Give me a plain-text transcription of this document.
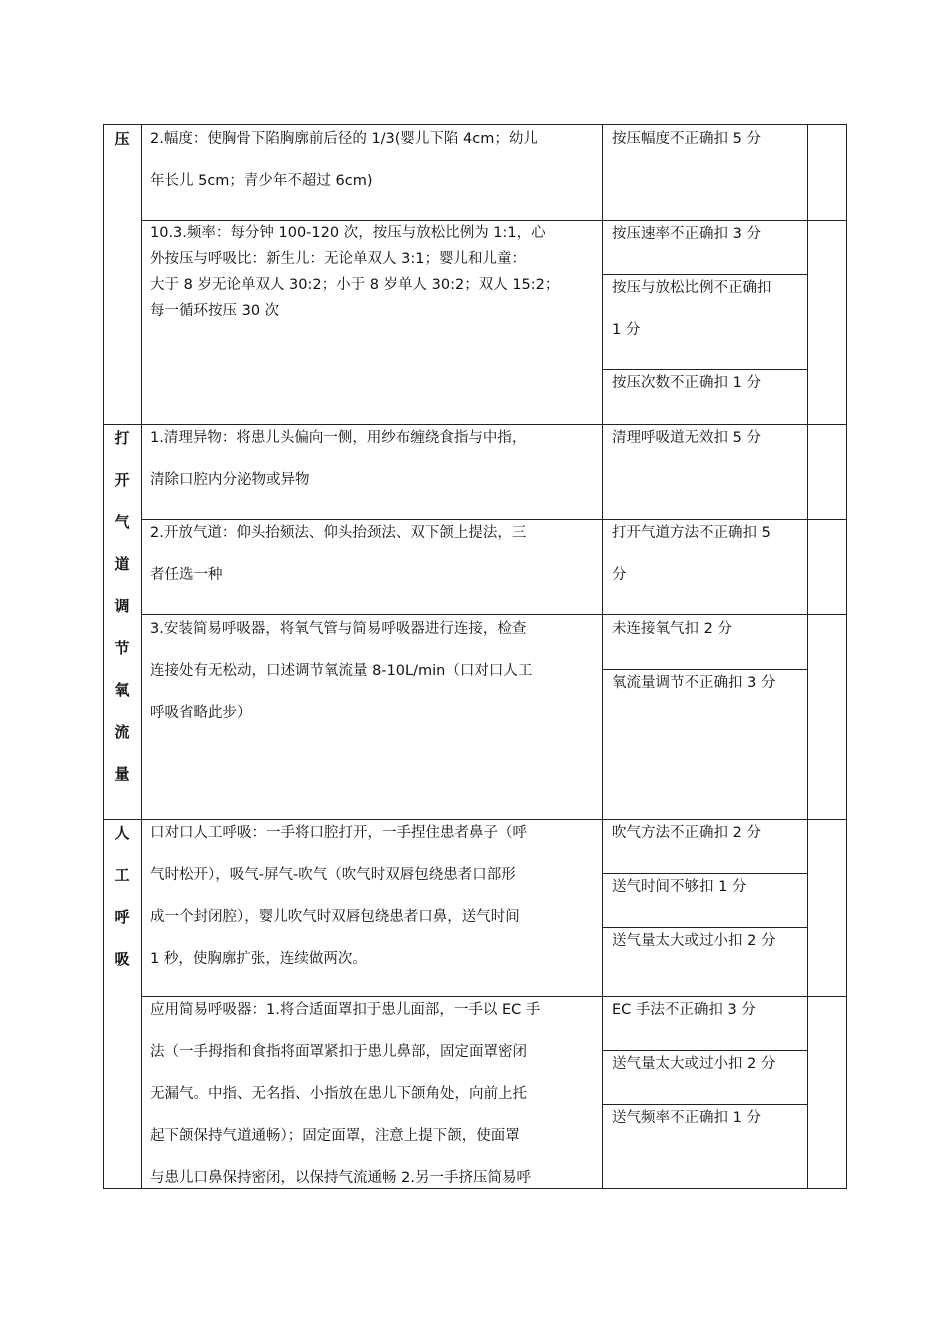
压
打
开
气
道
调
节
氧
流
量
人
工
呼
吸
2.幅度：使胸骨下陷胸廓前后径的 1/3(婴儿下陷 4cm；幼儿
年长儿 5cm；青少年不超过 6cm)
10.3.频率：每分钟 100-120 次，按压与放松比例为 1:1，心
外按压与呼吸比：新生儿：无论单双人 3:1；婴儿和儿童：
大于 8 岁无论单双人 30:2；小于 8 岁单人 30:2；双人 15:2；
每一循环按压 30 次
1.清理异物：将患儿头偏向一侧，用纱布缠绕食指与中指，
清除口腔内分泌物或异物
2.开放气道：仰头抬颏法、仰头抬颈法、双下颌上提法，三
者任选一种
3.安装简易呼吸器，将氧气管与简易呼吸器进行连接，检查
连接处有无松动，口述调节氧流量 8-10L/min（口对口人工
呼吸省略此步）
口对口人工呼吸：一手将口腔打开，一手捏住患者鼻子（呼
气时松开），吸气-屏气-吹气（吹气时双唇包绕患者口部形
成一个封闭腔），婴儿吹气时双唇包绕患者口鼻，送气时间
1 秒，使胸廓扩张，连续做两次。
应用简易呼吸器：1.将合适面罩扣于患儿面部，一手以 EC 手
法（一手拇指和食指将面罩紧扣于患儿鼻部，固定面罩密闭
无漏气。中指、无名指、小指放在患儿下颌角处，向前上托
起下颌保持气道通畅）；固定面罩，注意上提下颌，使面罩
与患儿口鼻保持密闭，以保持气流通畅 2.另一手挤压简易呼
按压幅度不正确扣 5 分
按压速率不正确扣 3 分
按压与放松比例不正确扣
1 分
按压次数不正确扣 1 分
清理呼吸道无效扣 5 分
打开气道方法不正确扣 5
分
未连接氧气扣 2 分
氧流量调节不正确扣 3 分
吹气方法不正确扣 2 分
送气时间不够扣 1 分
送气量太大或过小扣 2 分
EC 手法不正确扣 3 分
送气量太大或过小扣 2 分
送气频率不正确扣 1 分
